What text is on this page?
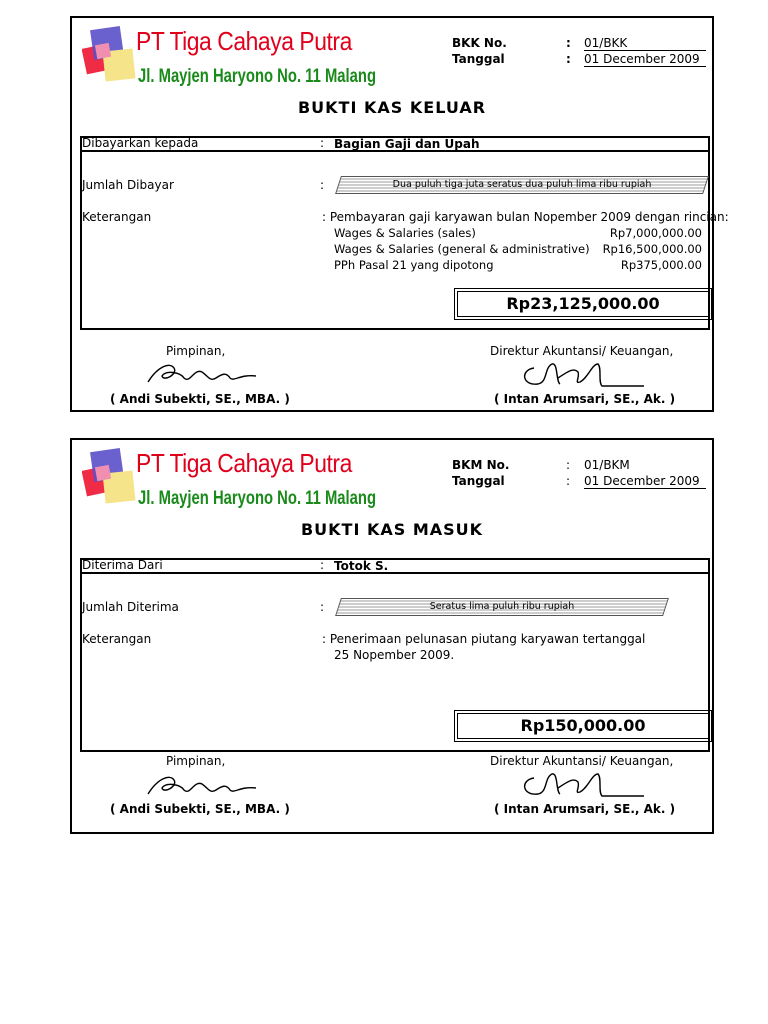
PT Tiga Cahaya Putra
Jl. Mayjen Haryono No. 11 Malang
BKK No.	: 01/BKK
Tanggal	: 01 December 2009
BUKTI KAS KELUAR
Dibayarkan kepada	: Bagian Gaji dan Upah
Jumlah Dibayar	:	Dua puluh tiga juta seratus dua puluh lima ribu rupiah
Keterangan	: Pembayaran gaji karyawan bulan Nopember 2009 dengan rincian:
Wages & Salaries (sales)	Rp7,000,000.00
Wages & Salaries (general & administrative) Rp16,500,000.00
PPh Pasal 21 yang dipotong	Rp375,000.00
Rp23,125,000.00
Pimpinan,
( Andi Subekti, SE., MBA. )
Direktur Akuntansi/ Keuangan,
( Intan Arumsari, SE., Ak. )
PT Tiga Cahaya Putra
Jl. Mayjen Haryono No. 11 Malang
BKM No.	: 01/BKM
Tanggal	: 01 December 2009
BUKTI KAS MASUK
Diterima Dari	: Totok S.
Jumlah Diterima	:	Seratus lima puluh ribu rupiah
Keterangan	: Penerimaan pelunasan piutang karyawan tertanggal
25 Nopember 2009.
Rp150,000.00
Pimpinan,
( Andi Subekti, SE., MBA. )
Direktur Akuntansi/ Keuangan,
( Intan Arumsari, SE., Ak. )
